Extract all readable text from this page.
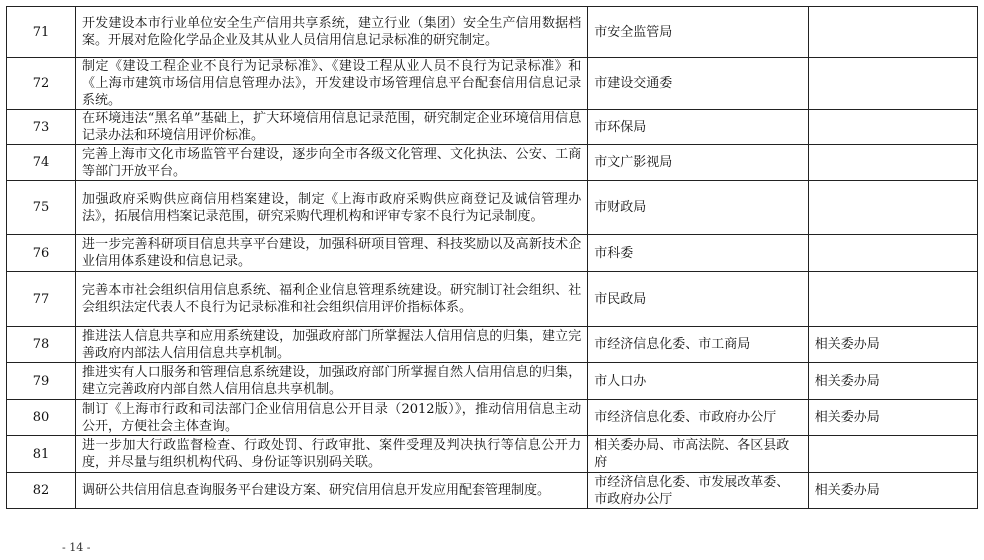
71	开发建设本市行业单位安全生产信用共享系统，建立行业（集团）安全生产信用数据档案。开展对危险化学品企业及其从业人员信用信息记录标准的研究制定。	市安全监管局	
72	制定《建设工程企业不良行为记录标准》、《建设工程从业人员不良行为记录标准》和《上海市建筑市场信用信息管理办法》，开发建设市场管理信息平台配套信用信息记录系统。	市建设交通委	
73	在环境违法“黑名单”基础上，扩大环境信用信息记录范围，研究制定企业环境信用信息记录办法和环境信用评价标准。	市环保局	
74	完善上海市文化市场监管平台建设，逐步向全市各级文化管理、文化执法、公安、工商等部门开放平台。	市文广影视局	
75	加强政府采购供应商信用档案建设，制定《上海市政府采购供应商登记及诚信管理办法》，拓展信用档案记录范围，研究采购代理机构和评审专家不良行为记录制度。	市财政局	
76	进一步完善科研项目信息共享平台建设，加强科研项目管理、科技奖励以及高新技术企业信用体系建设和信息记录。	市科委	
77	完善本市社会组织信用信息系统、福利企业信息管理系统建设。研究制订社会组织、社会组织法定代表人不良行为记录标准和社会组织信用评价指标体系。	市民政局	
78	推进法人信息共享和应用系统建设，加强政府部门所掌握法人信用信息的归集，建立完善政府内部法人信用信息共享机制。	市经济信息化委、市工商局	相关委办局
79	推进实有人口服务和管理信息系统建设，加强政府部门所掌握自然人信用信息的归集，建立完善政府内部自然人信用信息共享机制。	市人口办	相关委办局
80	制订《上海市行政和司法部门企业信用信息公开目录（2012版）》，推动信用信息主动公开，方便社会主体查询。	市经济信息化委、市政府办公厅	相关委办局
81	进一步加大行政监督检查、行政处罚、行政审批、案件受理及判决执行等信息公开力度，并尽量与组织机构代码、身份证等识别码关联。	相关委办局、市高法院、各区县政府	
82	调研公共信用信息查询服务平台建设方案、研究信用信息开发应用配套管理制度。	市经济信息化委、市发展改革委、市政府办公厅	相关委办局
- 14 -
